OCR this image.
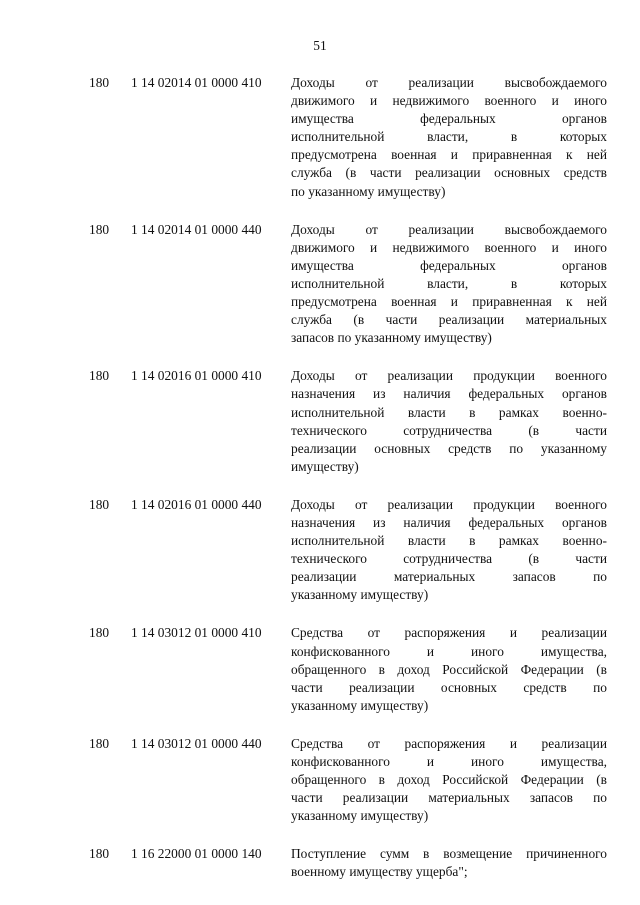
51
180 1 14 02014 01 0000 410 Доходы от реализации высвобождаемого
движимого и недвижимого военного и иного
имущества федеральных органов
исполнительной власти, в которых
предусмотрена военная и приравненная к ней
служба (в части реализации основных средств
по указанному имуществу)
180 1 14 02014 01 0000 440 Доходы от реализации высвобождаемого
движимого и недвижимого военного и иного
имущества федеральных органов
исполнительной власти, в которых
предусмотрена военная и приравненная к ней
служба (в части реализации материальных
запасов по указанному имуществу)
180 1 14 02016 01 0000 410 Доходы от реализации продукции военного
назначения из наличия федеральных органов
исполнительной власти в рамках военно-
технического сотрудничества (в части
реализации основных средств по указанному
имуществу)
180 1 14 02016 01 0000 440 Доходы от реализации продукции военного
назначения из наличия федеральных органов
исполнительной власти в рамках военно-
технического сотрудничества (в части
реализации материальных запасов по
указанному имуществу)
180 1 14 03012 01 0000 410 Средства от распоряжения и реализации
конфискованного и иного имущества,
обращенного в доход Российской Федерации (в
части реализации основных средств по
указанному имуществу)
180 1 14 03012 01 0000 440 Средства от распоряжения и реализации
конфискованного и иного имущества,
обращенного в доход Российской Федерации (в
части реализации материальных запасов по
указанному имуществу)
180 1 16 22000 01 0000 140 Поступление сумм в возмещение причиненного
военному имуществу ущерба";
